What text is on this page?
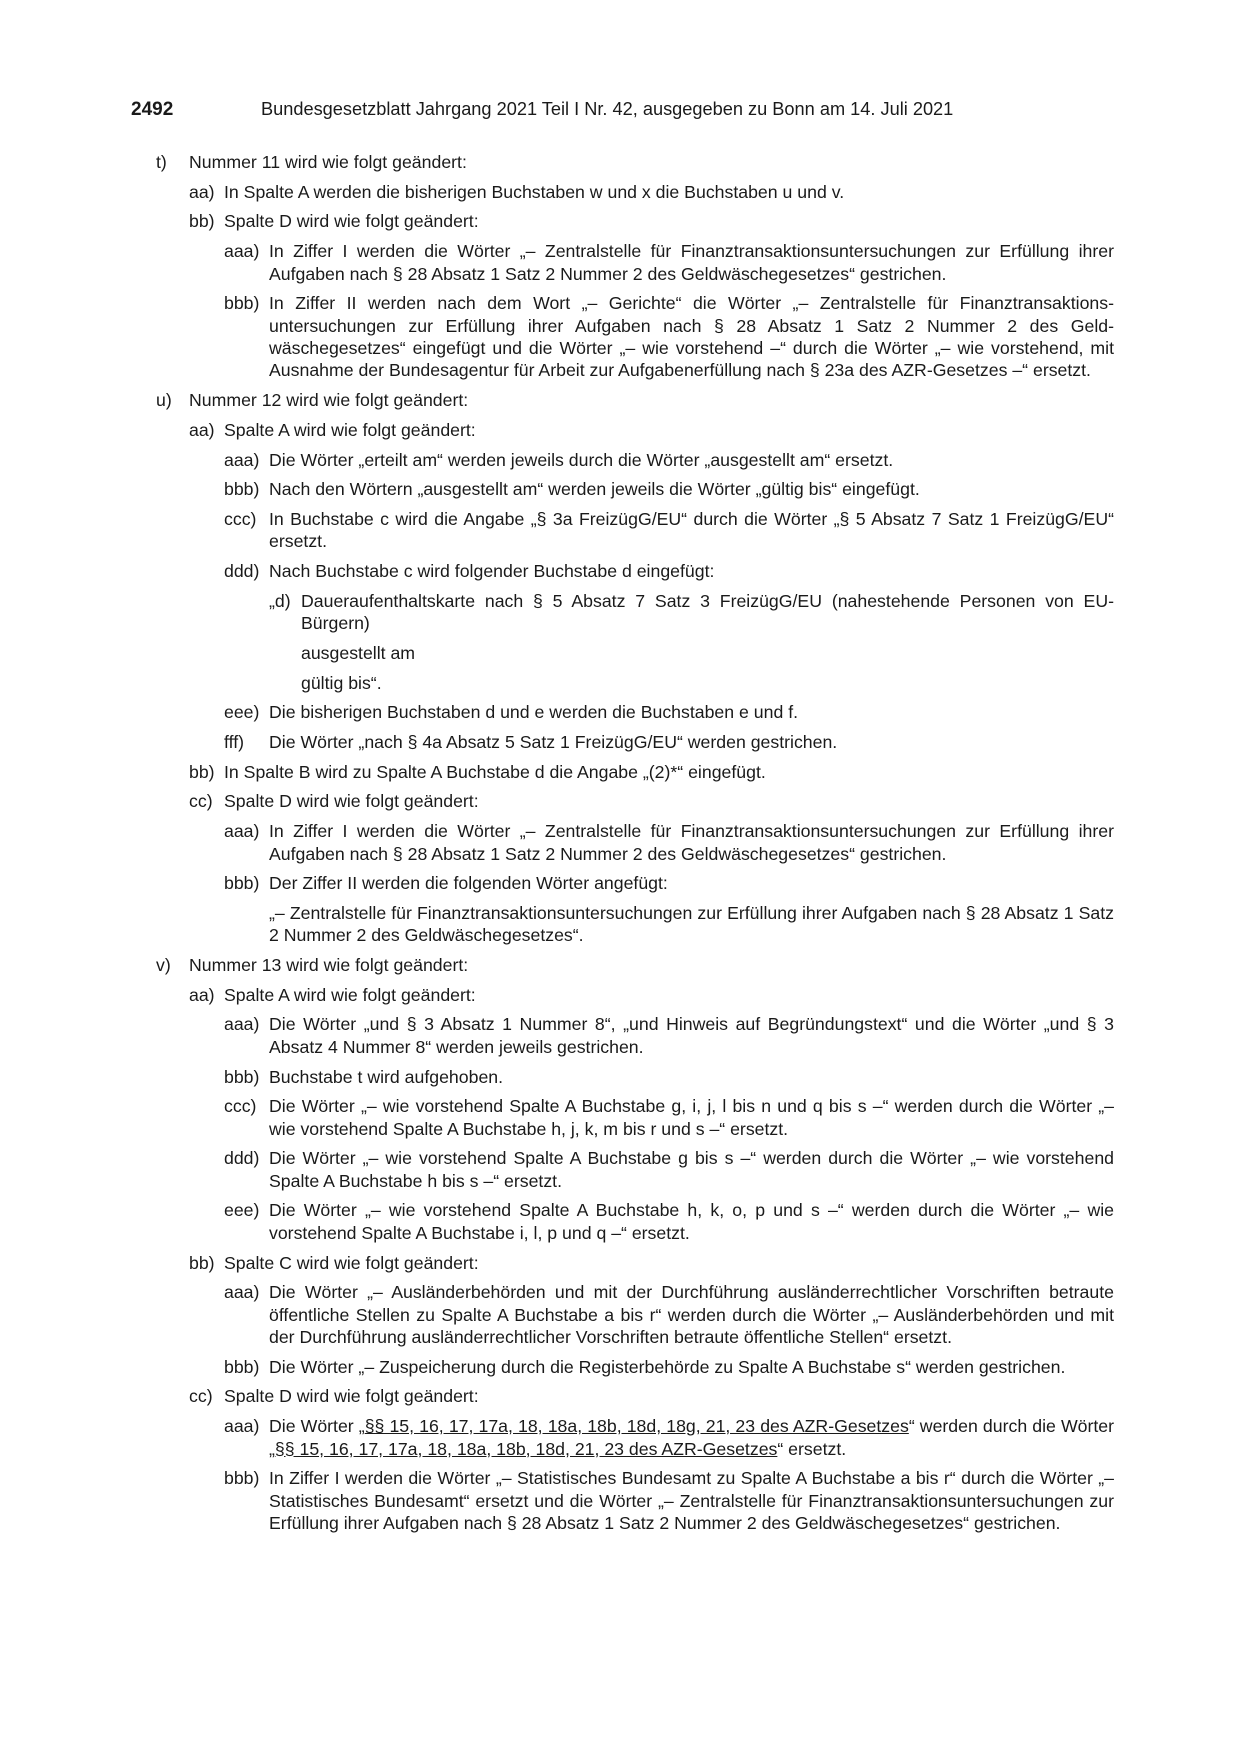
2492	Bundesgesetzblatt Jahrgang 2021 Teil I Nr. 42, ausgegeben zu Bonn am 14. Juli 2021
t) Nummer 11 wird wie folgt geändert:
aa) In Spalte A werden die bisherigen Buchstaben w und x die Buchstaben u und v.
bb) Spalte D wird wie folgt geändert:
aaa) In Ziffer I werden die Wörter „– Zentralstelle für Finanztransaktionsuntersuchungen zur Erfüllung ihrer Aufgaben nach § 28 Absatz 1 Satz 2 Nummer 2 des Geldwäschegesetzes“ gestrichen.
bbb) In Ziffer II werden nach dem Wort „– Gerichte“ die Wörter „– Zentralstelle für Finanztransaktionsuntersuchungen zur Erfüllung ihrer Aufgaben nach § 28 Absatz 1 Satz 2 Nummer 2 des Geldwäschegesetzes“ eingefügt und die Wörter „– wie vorstehend –“ durch die Wörter „– wie vorstehend, mit Ausnahme der Bundesagentur für Arbeit zur Aufgabenerfüllung nach § 23a des AZR-Gesetzes –“ ersetzt.
u) Nummer 12 wird wie folgt geändert:
aa) Spalte A wird wie folgt geändert:
aaa) Die Wörter „erteilt am“ werden jeweils durch die Wörter „ausgestellt am“ ersetzt.
bbb) Nach den Wörtern „ausgestellt am“ werden jeweils die Wörter „gültig bis“ eingefügt.
ccc) In Buchstabe c wird die Angabe „§ 3a FreizügG/EU“ durch die Wörter „§ 5 Absatz 7 Satz 1 FreizügG/EU“ ersetzt.
ddd) Nach Buchstabe c wird folgender Buchstabe d eingefügt:
„d) Daueraufenthaltskarte nach § 5 Absatz 7 Satz 3 FreizügG/EU (nahestehende Personen von EU-Bürgern)
ausgestellt am
gültig bis“.
eee) Die bisherigen Buchstaben d und e werden die Buchstaben e und f.
fff) Die Wörter „nach § 4a Absatz 5 Satz 1 FreizügG/EU“ werden gestrichen.
bb) In Spalte B wird zu Spalte A Buchstabe d die Angabe „(2)*“ eingefügt.
cc) Spalte D wird wie folgt geändert:
aaa) In Ziffer I werden die Wörter „– Zentralstelle für Finanztransaktionsuntersuchungen zur Erfüllung ihrer Aufgaben nach § 28 Absatz 1 Satz 2 Nummer 2 des Geldwäschegesetzes“ gestrichen.
bbb) Der Ziffer II werden die folgenden Wörter angefügt:
„– Zentralstelle für Finanztransaktionsuntersuchungen zur Erfüllung ihrer Aufgaben nach § 28 Absatz 1 Satz 2 Nummer 2 des Geldwäschegesetzes“.
v) Nummer 13 wird wie folgt geändert:
aa) Spalte A wird wie folgt geändert:
aaa) Die Wörter „und § 3 Absatz 1 Nummer 8“, „und Hinweis auf Begründungstext“ und die Wörter „und § 3 Absatz 4 Nummer 8“ werden jeweils gestrichen.
bbb) Buchstabe t wird aufgehoben.
ccc) Die Wörter „– wie vorstehend Spalte A Buchstabe g, i, j, l bis n und q bis s –“ werden durch die Wörter „– wie vorstehend Spalte A Buchstabe h, j, k, m bis r und s –“ ersetzt.
ddd) Die Wörter „– wie vorstehend Spalte A Buchstabe g bis s –“ werden durch die Wörter „– wie vorstehend Spalte A Buchstabe h bis s –“ ersetzt.
eee) Die Wörter „– wie vorstehend Spalte A Buchstabe h, k, o, p und s –“ werden durch die Wörter „– wie vorstehend Spalte A Buchstabe i, l, p und q –“ ersetzt.
bb) Spalte C wird wie folgt geändert:
aaa) Die Wörter „– Ausländerbehörden und mit der Durchführung ausländerrechtlicher Vorschriften betraute öffentliche Stellen zu Spalte A Buchstabe a bis r“ werden durch die Wörter „– Ausländerbehörden und mit der Durchführung ausländerrechtlicher Vorschriften betraute öffentliche Stellen“ ersetzt.
bbb) Die Wörter „– Zuspeicherung durch die Registerbehörde zu Spalte A Buchstabe s“ werden gestrichen.
cc) Spalte D wird wie folgt geändert:
aaa) Die Wörter „§§ 15, 16, 17, 17a, 18, 18a, 18b, 18d, 18g, 21, 23 des AZR-Gesetzes“ werden durch die Wörter „§§ 15, 16, 17, 17a, 18, 18a, 18b, 18d, 21, 23 des AZR-Gesetzes“ ersetzt.
bbb) In Ziffer I werden die Wörter „– Statistisches Bundesamt zu Spalte A Buchstabe a bis r“ durch die Wörter „– Statistisches Bundesamt“ ersetzt und die Wörter „– Zentralstelle für Finanztransaktionsuntersuchungen zur Erfüllung ihrer Aufgaben nach § 28 Absatz 1 Satz 2 Nummer 2 des Geldwäschegesetzes“ gestrichen.
